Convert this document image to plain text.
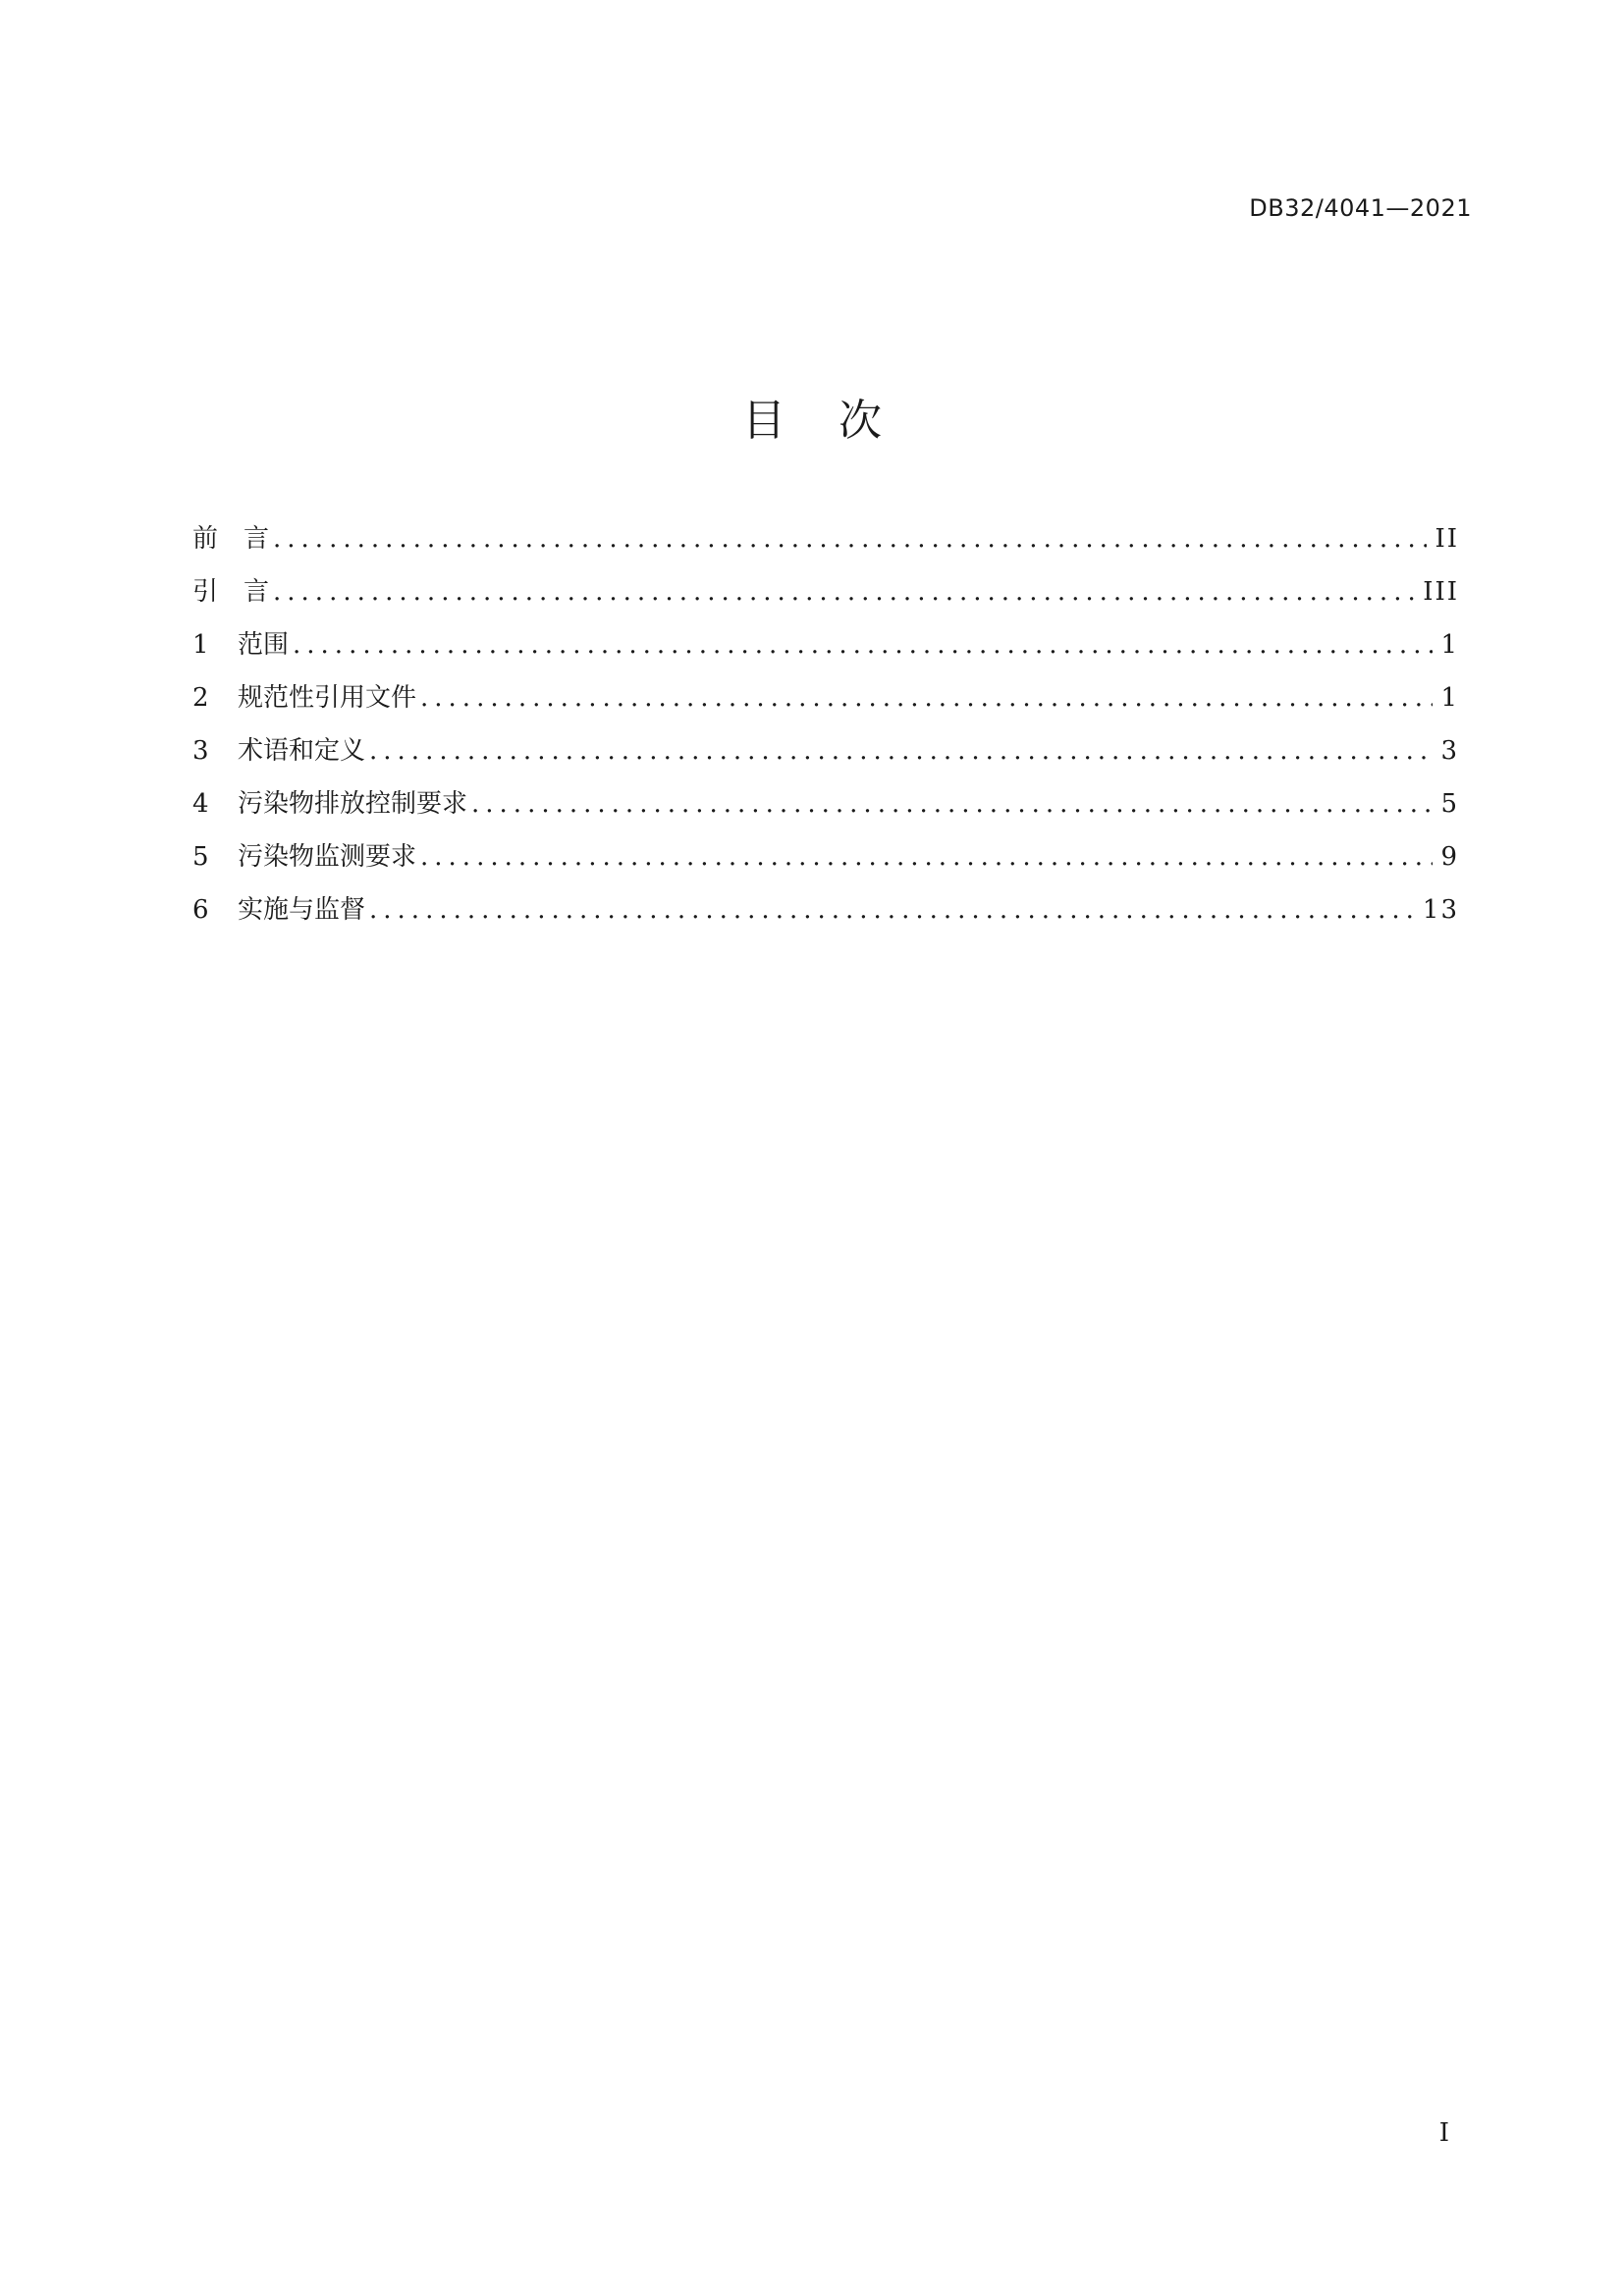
DB32/4041—2021
目 次
前　言 .....	II
引　言 .....	III
1	范围 .....	1
2	规范性引用文件 .....	1
3	术语和定义 .....	3
4	污染物排放控制要求 .....	5
5	污染物监测要求 .....	9
6	实施与监督 .....	13
I
